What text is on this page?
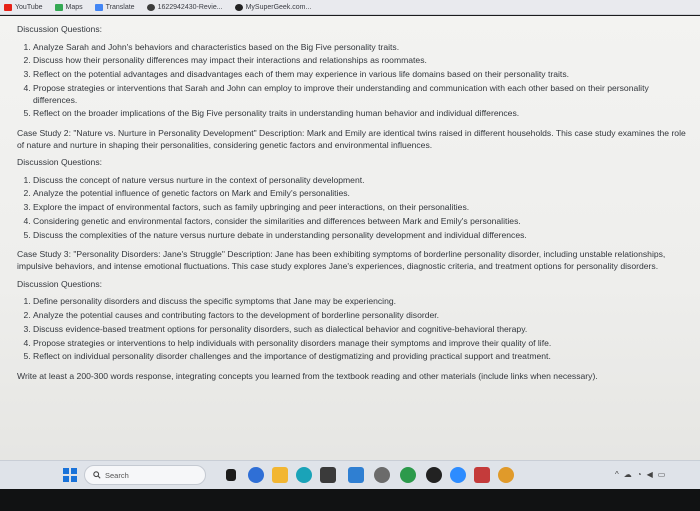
YouTube	Maps	Translate	1622942430-Revie...	MySuperGeek.com...
Discussion Questions:
1. Analyze Sarah and John's behaviors and characteristics based on the Big Five personality traits.
2. Discuss how their personality differences may impact their interactions and relationships as roommates.
3. Reflect on the potential advantages and disadvantages each of them may experience in various life domains based on their personality traits.
4. Propose strategies or interventions that Sarah and John can employ to improve their understanding and communication with each other based on their personality differences.
5. Reflect on the broader implications of the Big Five personality traits in understanding human behavior and individual differences.
Case Study 2: "Nature vs. Nurture in Personality Development" Description: Mark and Emily are identical twins raised in different households. This case study examines the role of nature and nurture in shaping their personalities, considering genetic factors and environmental influences.
Discussion Questions:
1. Discuss the concept of nature versus nurture in the context of personality development.
2. Analyze the potential influence of genetic factors on Mark and Emily's personalities.
3. Explore the impact of environmental factors, such as family upbringing and peer interactions, on their personalities.
4. Considering genetic and environmental factors, consider the similarities and differences between Mark and Emily's personalities.
5. Discuss the complexities of the nature versus nurture debate in understanding personality development and individual differences.
Case Study 3: "Personality Disorders: Jane's Struggle" Description: Jane has been exhibiting symptoms of borderline personality disorder, including unstable relationships, impulsive behaviors, and intense emotional fluctuations. This case study explores Jane's experiences, diagnostic criteria, and treatment options for personality disorders.
Discussion Questions:
1. Define personality disorders and discuss the specific symptoms that Jane may be experiencing.
2. Analyze the potential causes and contributing factors to the development of borderline personality disorder.
3. Discuss evidence-based treatment options for personality disorders, such as dialectical behavior and cognitive-behavioral therapy.
4. Propose strategies or interventions to help individuals with personality disorders manage their symptoms and improve their quality of life.
5. Reflect on individual personality disorder challenges and the importance of destigmatizing and providing practical support and treatment.
Write at least a 200-300 words response, integrating concepts you learned from the textbook reading and other materials (include links when necessary).
Search	^ ☁ ◔ ◀ ▭
